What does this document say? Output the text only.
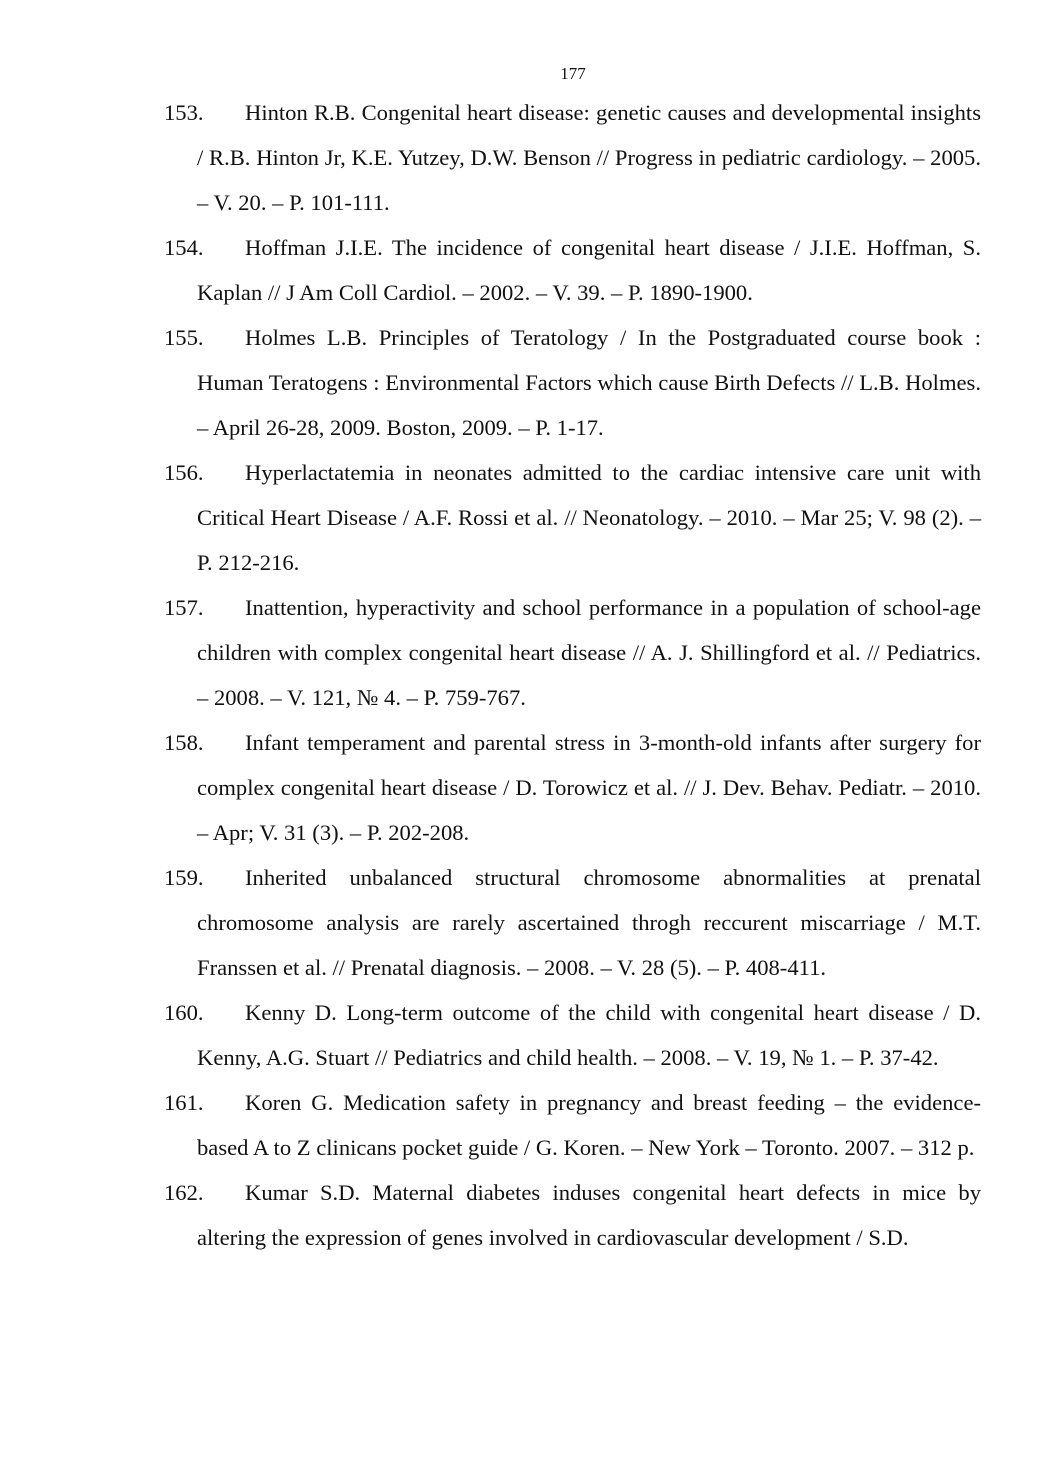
177
153.	Hinton R.B. Congenital heart disease: genetic causes and developmental insights / R.B. Hinton Jr, K.E. Yutzey, D.W. Benson // Progress in pediatric cardiology. – 2005. – V. 20. – P. 101-111.
154.	Hoffman J.I.E. The incidence of congenital heart disease / J.I.E. Hoffman, S. Kaplan // J Am Coll Cardiol. – 2002. – V. 39. – P. 1890-1900.
155.	Holmes L.B. Principles of Teratology / In the Postgraduated course book : Human Teratogens : Environmental Factors which cause Birth Defects // L.B. Holmes. – April 26-28, 2009. Boston, 2009. – P. 1-17.
156.	Hyperlactatemia in neonates admitted to the cardiac intensive care unit with Critical Heart Disease / A.F. Rossi et al. // Neonatology. – 2010. – Mar 25; V. 98 (2). – P. 212-216.
157.	Inattention, hyperactivity and school performance in a population of school-age children with complex congenital heart disease // A. J. Shillingford et al. // Pediatrics. – 2008. – V. 121, № 4. – P. 759-767.
158.	Infant temperament and parental stress in 3-month-old infants after surgery for complex congenital heart disease / D. Torowicz et al. // J. Dev. Behav. Pediatr. – 2010. – Apr; V. 31 (3). – P. 202-208.
159.	Inherited unbalanced structural chromosome abnormalities at prenatal chromosome analysis are rarely ascertained throgh reccurent miscarriage / M.T. Franssen et al. // Prenatal diagnosis. – 2008. – V. 28 (5). – P. 408-411.
160.	Kenny D. Long-term outcome of the child with congenital heart disease / D. Kenny, A.G. Stuart // Pediatrics and child health. – 2008. – V. 19, № 1. – P. 37-42.
161.	Koren G. Medication safety in pregnancy and breast feeding – the evidence-based A to Z clinicans pocket guide / G. Koren. – New York – Toronto. 2007. – 312 p.
162.	Kumar S.D. Maternal diabetes induses congenital heart defects in mice by altering the expression of genes involved in cardiovascular development / S.D.
